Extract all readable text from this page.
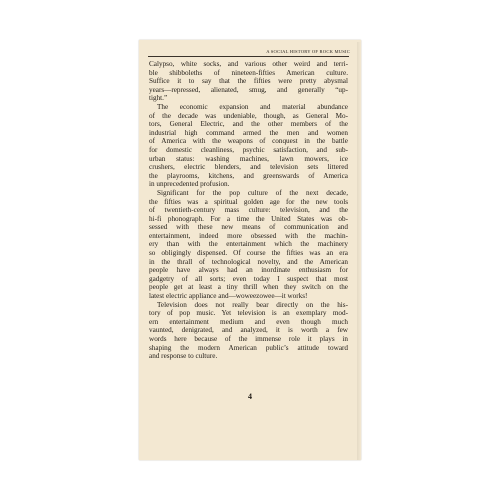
A SOCIAL HISTORY OF ROCK MUSIC
Calypso, white socks, and various other weird and terri-
ble shibboleths of nineteen-fifties American culture.
Suffice it to say that the fifties were pretty abysmal
years—repressed, alienated, smug, and generally “up-
tight.”
The economic expansion and material abundance
of the decade was undeniable, though, as General Mo-
tors, General Electric, and the other members of the
industrial high command armed the men and women
of America with the weapons of conquest in the battle
for domestic cleanliness, psychic satisfaction, and sub-
urban status: washing machines, lawn mowers, ice
crushers, electric blenders, and television sets littered
the playrooms, kitchens, and greenswards of America
in unprecedented profusion.
Significant for the pop culture of the next decade,
the fifties was a spiritual golden age for the new tools
of twentieth-century mass culture: television, and the
hi-fi phonograph. For a time the United States was ob-
sessed with these new means of communication and
entertainment, indeed more obsessed with the machin-
ery than with the entertainment which the machinery
so obligingly dispensed. Of course the fifties was an era
in the thrall of technological novelty, and the American
people have always had an inordinate enthusiasm for
gadgetry of all sorts; even today I suspect that most
people get at least a tiny thrill when they switch on the
latest electric appliance and—woweezowee—it works!
Television does not really bear directly on the his-
tory of pop music. Yet television is an exemplary mod-
ern entertainment medium and even though much
vaunted, denigrated, and analyzed, it is worth a few
words here because of the immense role it plays in
shaping the modern American public’s attitude toward
and response to culture.
4
